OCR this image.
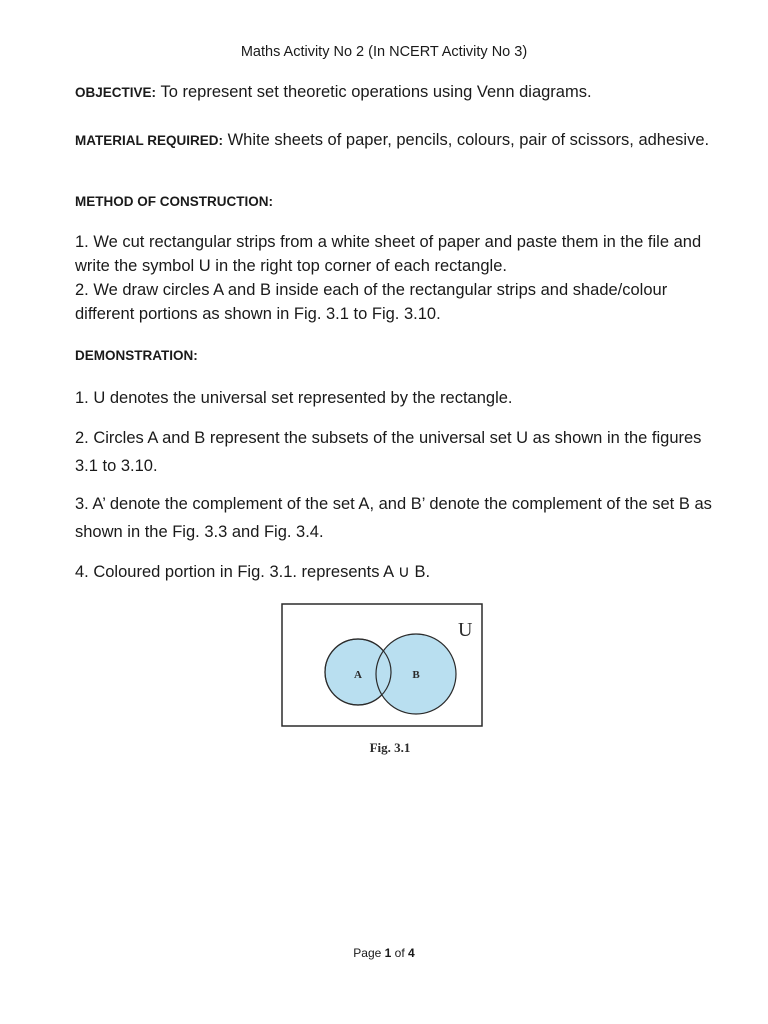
Maths Activity No 2 (In NCERT Activity No 3)
OBJECTIVE: To represent set theoretic operations using Venn diagrams.
MATERIAL REQUIRED: White sheets of paper, pencils, colours, pair of scissors, adhesive.
METHOD OF CONSTRUCTION:
1. We cut rectangular strips from a white sheet of paper and paste them in the file and write the symbol U in the right top corner of each rectangle.
2. We draw circles A and B inside each of the rectangular strips and shade/colour different portions as shown in Fig. 3.1 to Fig. 3.10.
DEMONSTRATION:
1. U denotes the universal set represented by the rectangle.
2. Circles A and B represent the subsets of the universal set U as shown in the figures 3.1 to 3.10.
3. A’ denote the complement of the set A, and B’ denote the complement of the set B as shown in the Fig. 3.3 and Fig. 3.4.
4. Coloured portion in Fig. 3.1. represents A ∪ B.
U
A	B
Fig. 3.1
Page 1 of 4
